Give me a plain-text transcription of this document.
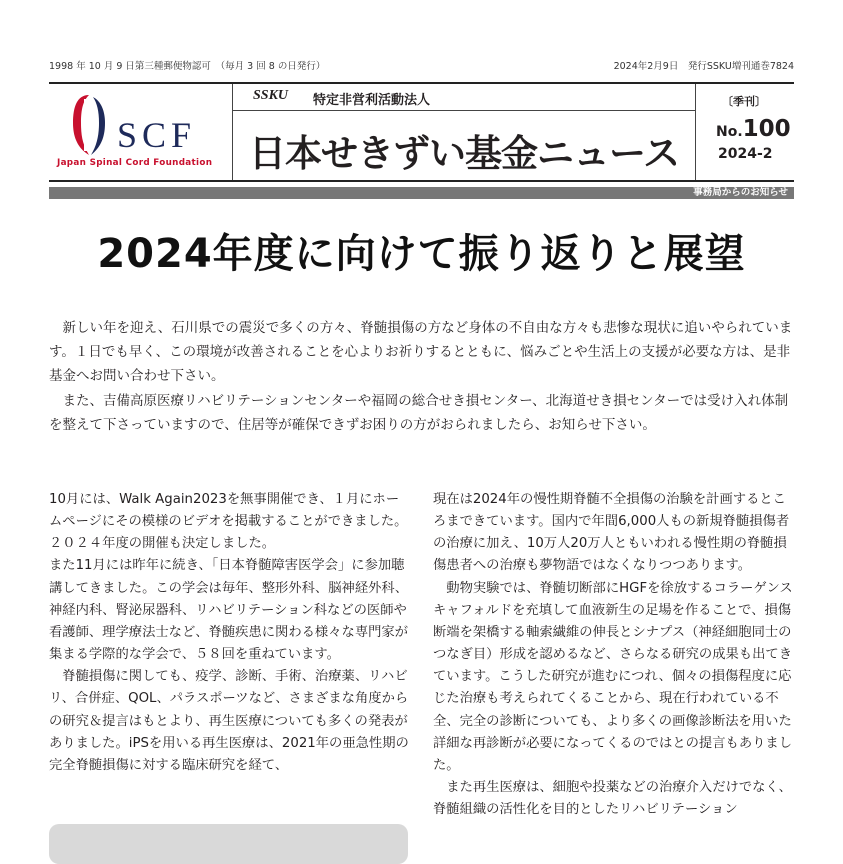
1998 年 10 月 9 日第三種郵便物認可　（毎月 3 回 8 の日発行）	2024年2月9日　発行SSKU増刊通巻7824
SCF
Japan Spinal Cord Foundation
SSKU 特定非営利活動法人
日本せきずい基金ニュース
〔季刊〕
No.100
2024-2
事務局からのお知らせ
2024年度に向けて振り返りと展望

新しい年を迎え、石川県での震災で多くの方々、脊髄損傷の方など身体の不自由な方々も悲惨な現状に追いやられています。１日でも早く、この環境が改善されることを心よりお祈りするとともに、悩みごとや生活上の支援が必要な方は、是非基金へお問い合わせ下さい。

また、吉備高原医療リハビリテーションセンターや福岡の総合せき損センター、北海道せき損センターでは受け入れ体制を整えて下さっていますので、住居等が確保できずお困りの方がおられましたら、お知らせ下さい。

10月には、Walk Again2023を無事開催でき、１月にホームページにその模様のビデオを掲載することができました。２０２４年度の開催も決定しました。

また11月には昨年に続き、「日本脊髄障害医学会」に参加聴講してきました。この学会は毎年、整形外科、脳神経外科、神経内科、腎泌尿器科、リハビリテーション科などの医師や看護師、理学療法士など、脊髄疾患に関わる様々な専門家が集まる学際的な学会で、５８回を重ねています。

脊髄損傷に関しても、疫学、診断、手術、治療薬、リハビリ、合併症、QOL、パラスポーツなど、さまざまな角度からの研究＆提言はもとより、再生医療についても多くの発表がありました。iPSを用いる再生医療は、2021年の亜急性期の完全脊髄損傷に対する臨床研究を経て、

現在は2024年の慢性期脊髄不全損傷の治験を計画するところまできています。国内で年間6,000人もの新規脊髄損傷者の治療に加え、10万人20万人ともいわれる慢性期の脊髄損傷患者への治療も夢物語ではなくなりつつあります。

動物実験では、脊髄切断部にHGFを徐放するコラーゲンスキャフォルドを充填して血液新生の足場を作ることで、損傷断端を架橋する軸索繊維の伸長とシナプス（神経細胞同士のつなぎ目）形成を認めるなど、さらなる研究の成果も出てきています。こうした研究が進むにつれ、個々の損傷程度に応じた治療も考えられてくることから、現在行われている不全、完全の診断についても、より多くの画像診断法を用いた詳細な再診断が必要になってくるのではとの提言もありました。

また再生医療は、細胞や投薬などの治療介入だけでなく、脊髄組織の活性化を目的としたリハビリテーション
